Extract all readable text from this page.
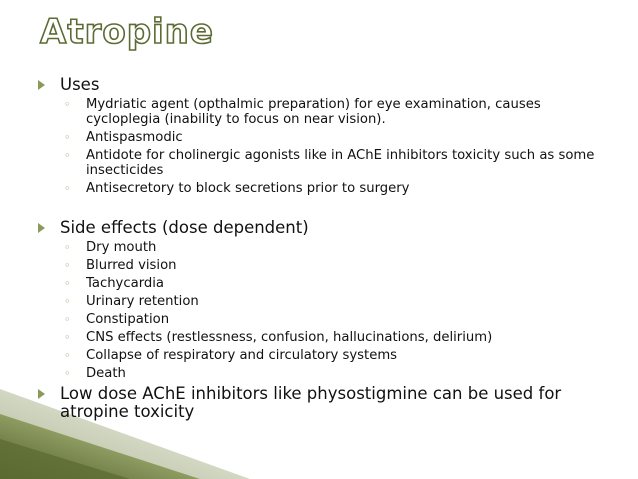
Atropine
Uses
◦ Mydriatic agent (opthalmic preparation) for eye examination, causes cycloplegia (inability to focus on near vision).
◦ Antispasmodic
◦ Antidote for cholinergic agonists like in AChE inhibitors toxicity such as some insecticides
◦ Antisecretory to block secretions prior to surgery
Side effects (dose dependent)
◦ Dry mouth
◦ Blurred vision
◦ Tachycardia
◦ Urinary retention
◦ Constipation
◦ CNS effects (restlessness, confusion, hallucinations, delirium)
◦ Collapse of respiratory and circulatory systems
◦ Death
Low dose AChE inhibitors like physostigmine can be used for atropine toxicity
